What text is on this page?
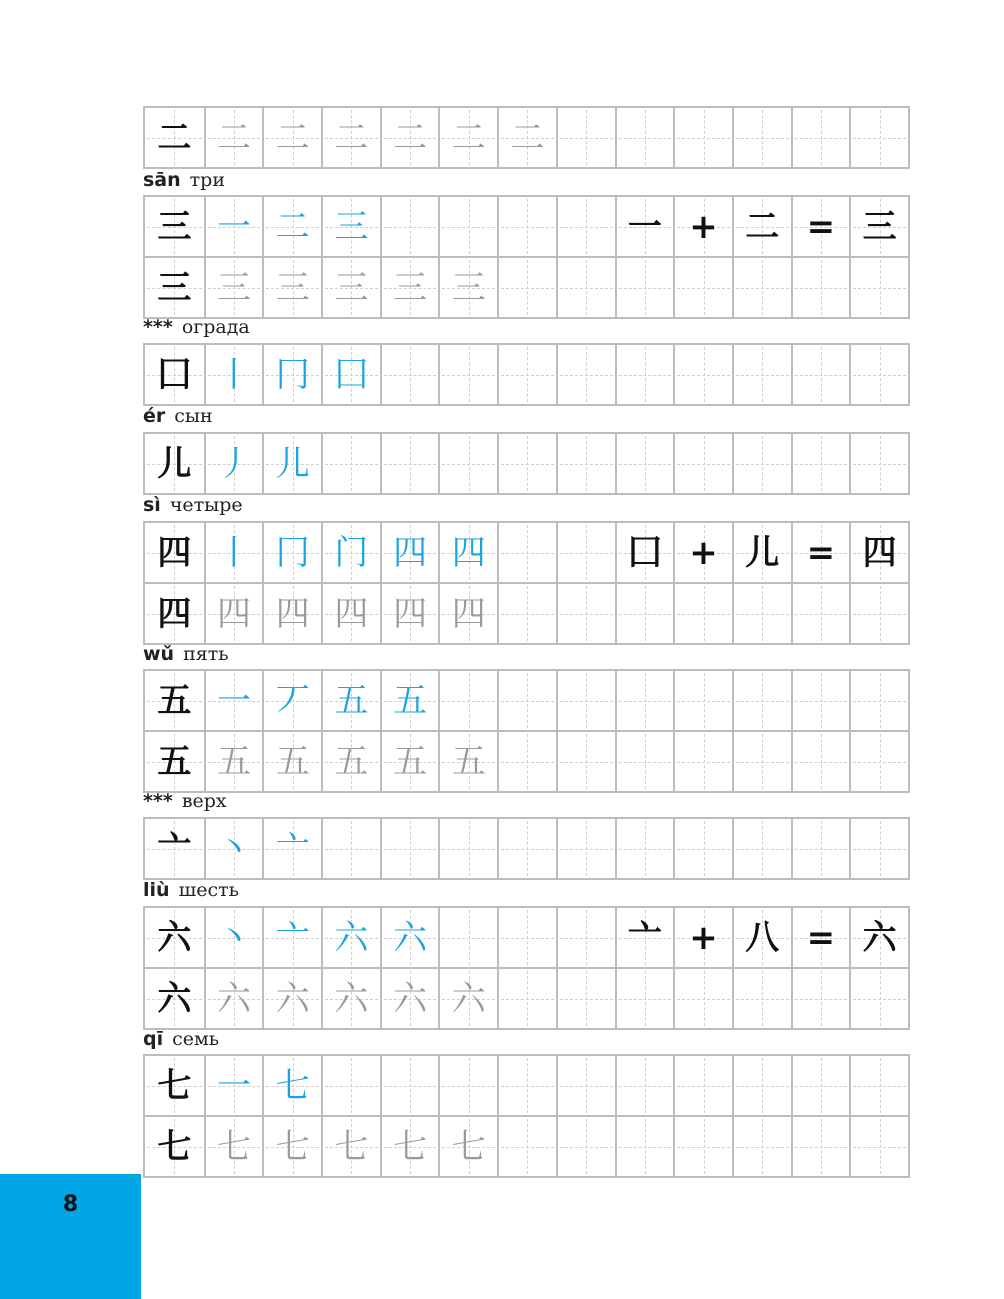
二 二 二 二 二 二 二
sān три
三 一 二 三	一 + 二 = 三
三 三 三 三 三 三
*** ограда
囗 丨 冂 囗
ér сын
儿 丿 儿
sì четыре
四 丨 冂 门 四 四	囗 + 儿 = 四
四 四 四 四 四 四
wǔ пять
五 一 丆 五 五
五 五 五 五 五 五
*** верх
亠 丶 亠
liù шесть
六 丶 亠 六 六	亠 + 八 = 六
六 六 六 六 六 六
qī семь
七 一 七
七 七 七 七 七 七
8
